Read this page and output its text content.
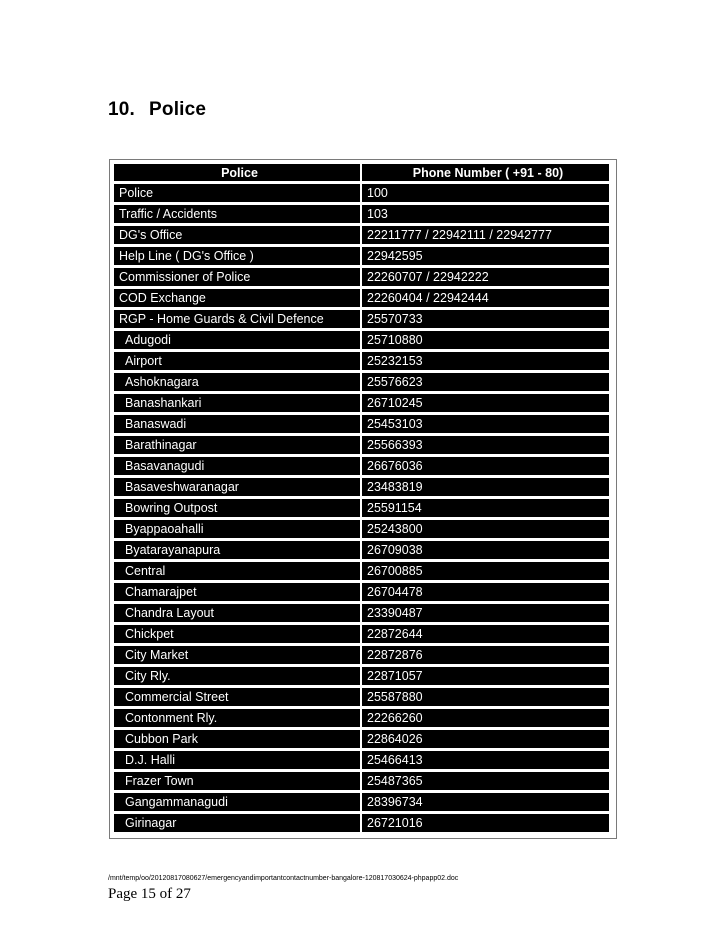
10. Police
Police	Phone Number ( +91 - 80)
Police	100
Traffic / Accidents	103
DG's Office	22211777 / 22942111 / 22942777
Help Line ( DG's Office )	22942595
Commissioner of Police	22260707 / 22942222
COD Exchange	22260404 / 22942444
RGP - Home Guards & Civil Defence	25570733
Adugodi	25710880
Airport	25232153
Ashoknagara	25576623
Banashankari	26710245
Banaswadi	25453103
Barathinagar	25566393
Basavanagudi	26676036
Basaveshwaranagar	23483819
Bowring Outpost	25591154
Byappaoahalli	25243800
Byatarayanapura	26709038
Central	26700885
Chamarajpet	26704478
Chandra Layout	23390487
Chickpet	22872644
City Market	22872876
City Rly.	22871057
Commercial Street	25587880
Contonment Rly.	22266260
Cubbon Park	22864026
D.J. Halli	25466413
Frazer Town	25487365
Gangammanagudi	28396734
Girinagar	26721016
/mnt/temp/oo/20120817080627/emergencyandimportantcontactnumber-bangalore-120817030624-phpapp02.doc
Page 15 of 27
